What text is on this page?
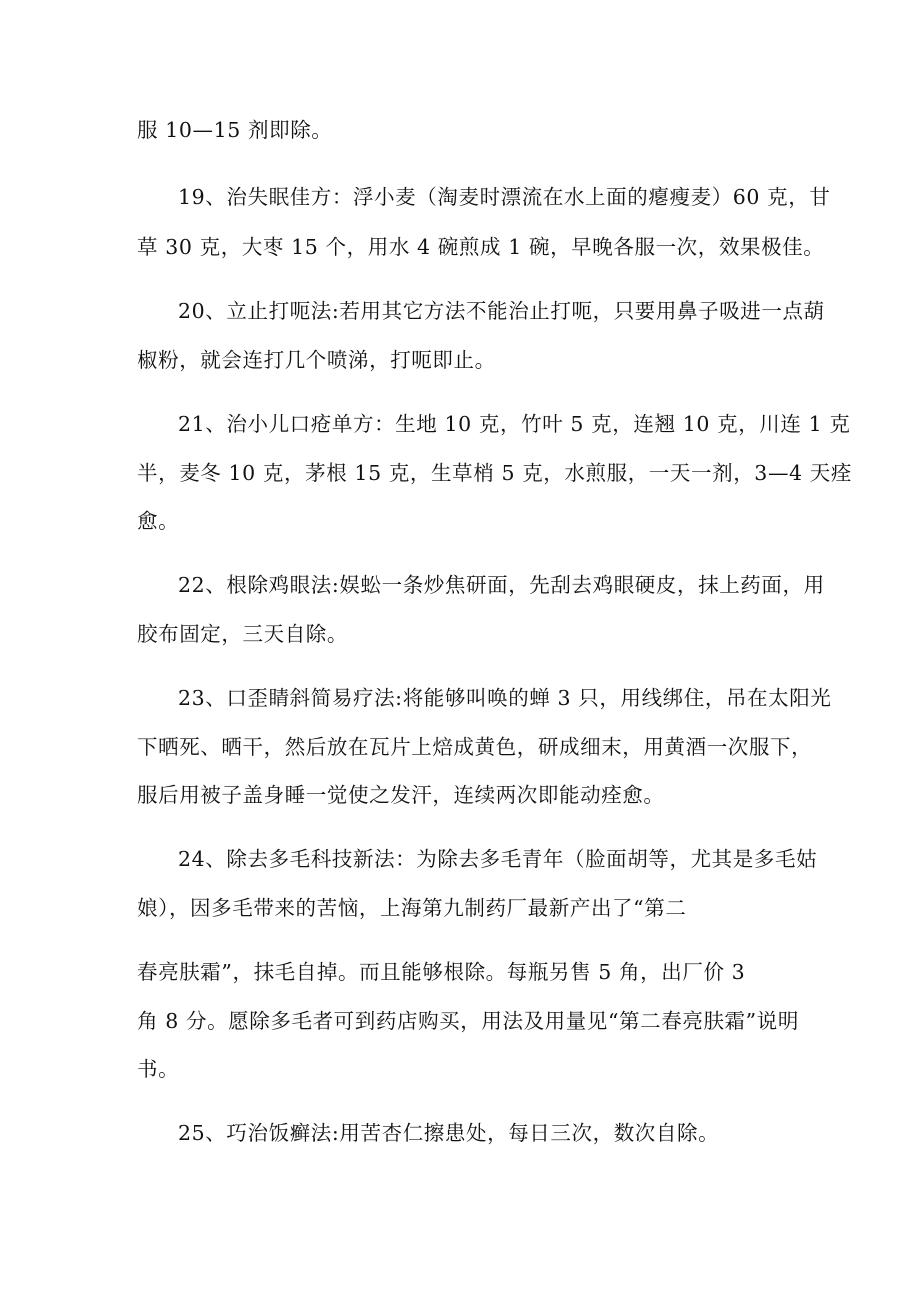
服 10—15 剂即除。
19、治失眠佳方：浮小麦（淘麦时漂流在水上面的瘪瘦麦）60 克，甘
草 30 克，大枣 15 个，用水 4 碗煎成 1 碗，早晚各服一次，效果极佳。
20、立止打呃法:若用其它方法不能治止打呃，只要用鼻子吸进一点葫
椒粉，就会连打几个喷涕，打呃即止。
21、治小儿口疮单方：生地 10 克，竹叶 5 克，连翘 10 克，川连 1 克
半，麦冬 10 克，茅根 15 克，生草梢 5 克，水煎服，一天一剂，3—4 天痊
愈。
22、根除鸡眼法:娱蚣一条炒焦研面，先刮去鸡眼硬皮，抹上药面，用
胶布固定，三天自除。
23、口歪睛斜简易疗法:将能够叫唤的蝉 3 只，用线绑住，吊在太阳光
下晒死、晒干，然后放在瓦片上焙成黄色，研成细末，用黄酒一次服下，
服后用被子盖身睡一觉使之发汗，连续两次即能动痊愈。
24、除去多毛科技新法：为除去多毛青年（脸面胡等，尤其是多毛姑
娘），因多毛带来的苦恼，上海第九制药厂最新产出了“第二
春亮肤霜”，抹毛自掉。而且能够根除。每瓶另售 5 角，出厂价 3
角 8 分。愿除多毛者可到药店购买，用法及用量见“第二春亮肤霜”说明
书。
25、巧治饭癣法:用苦杏仁擦患处，每日三次，数次自除。
